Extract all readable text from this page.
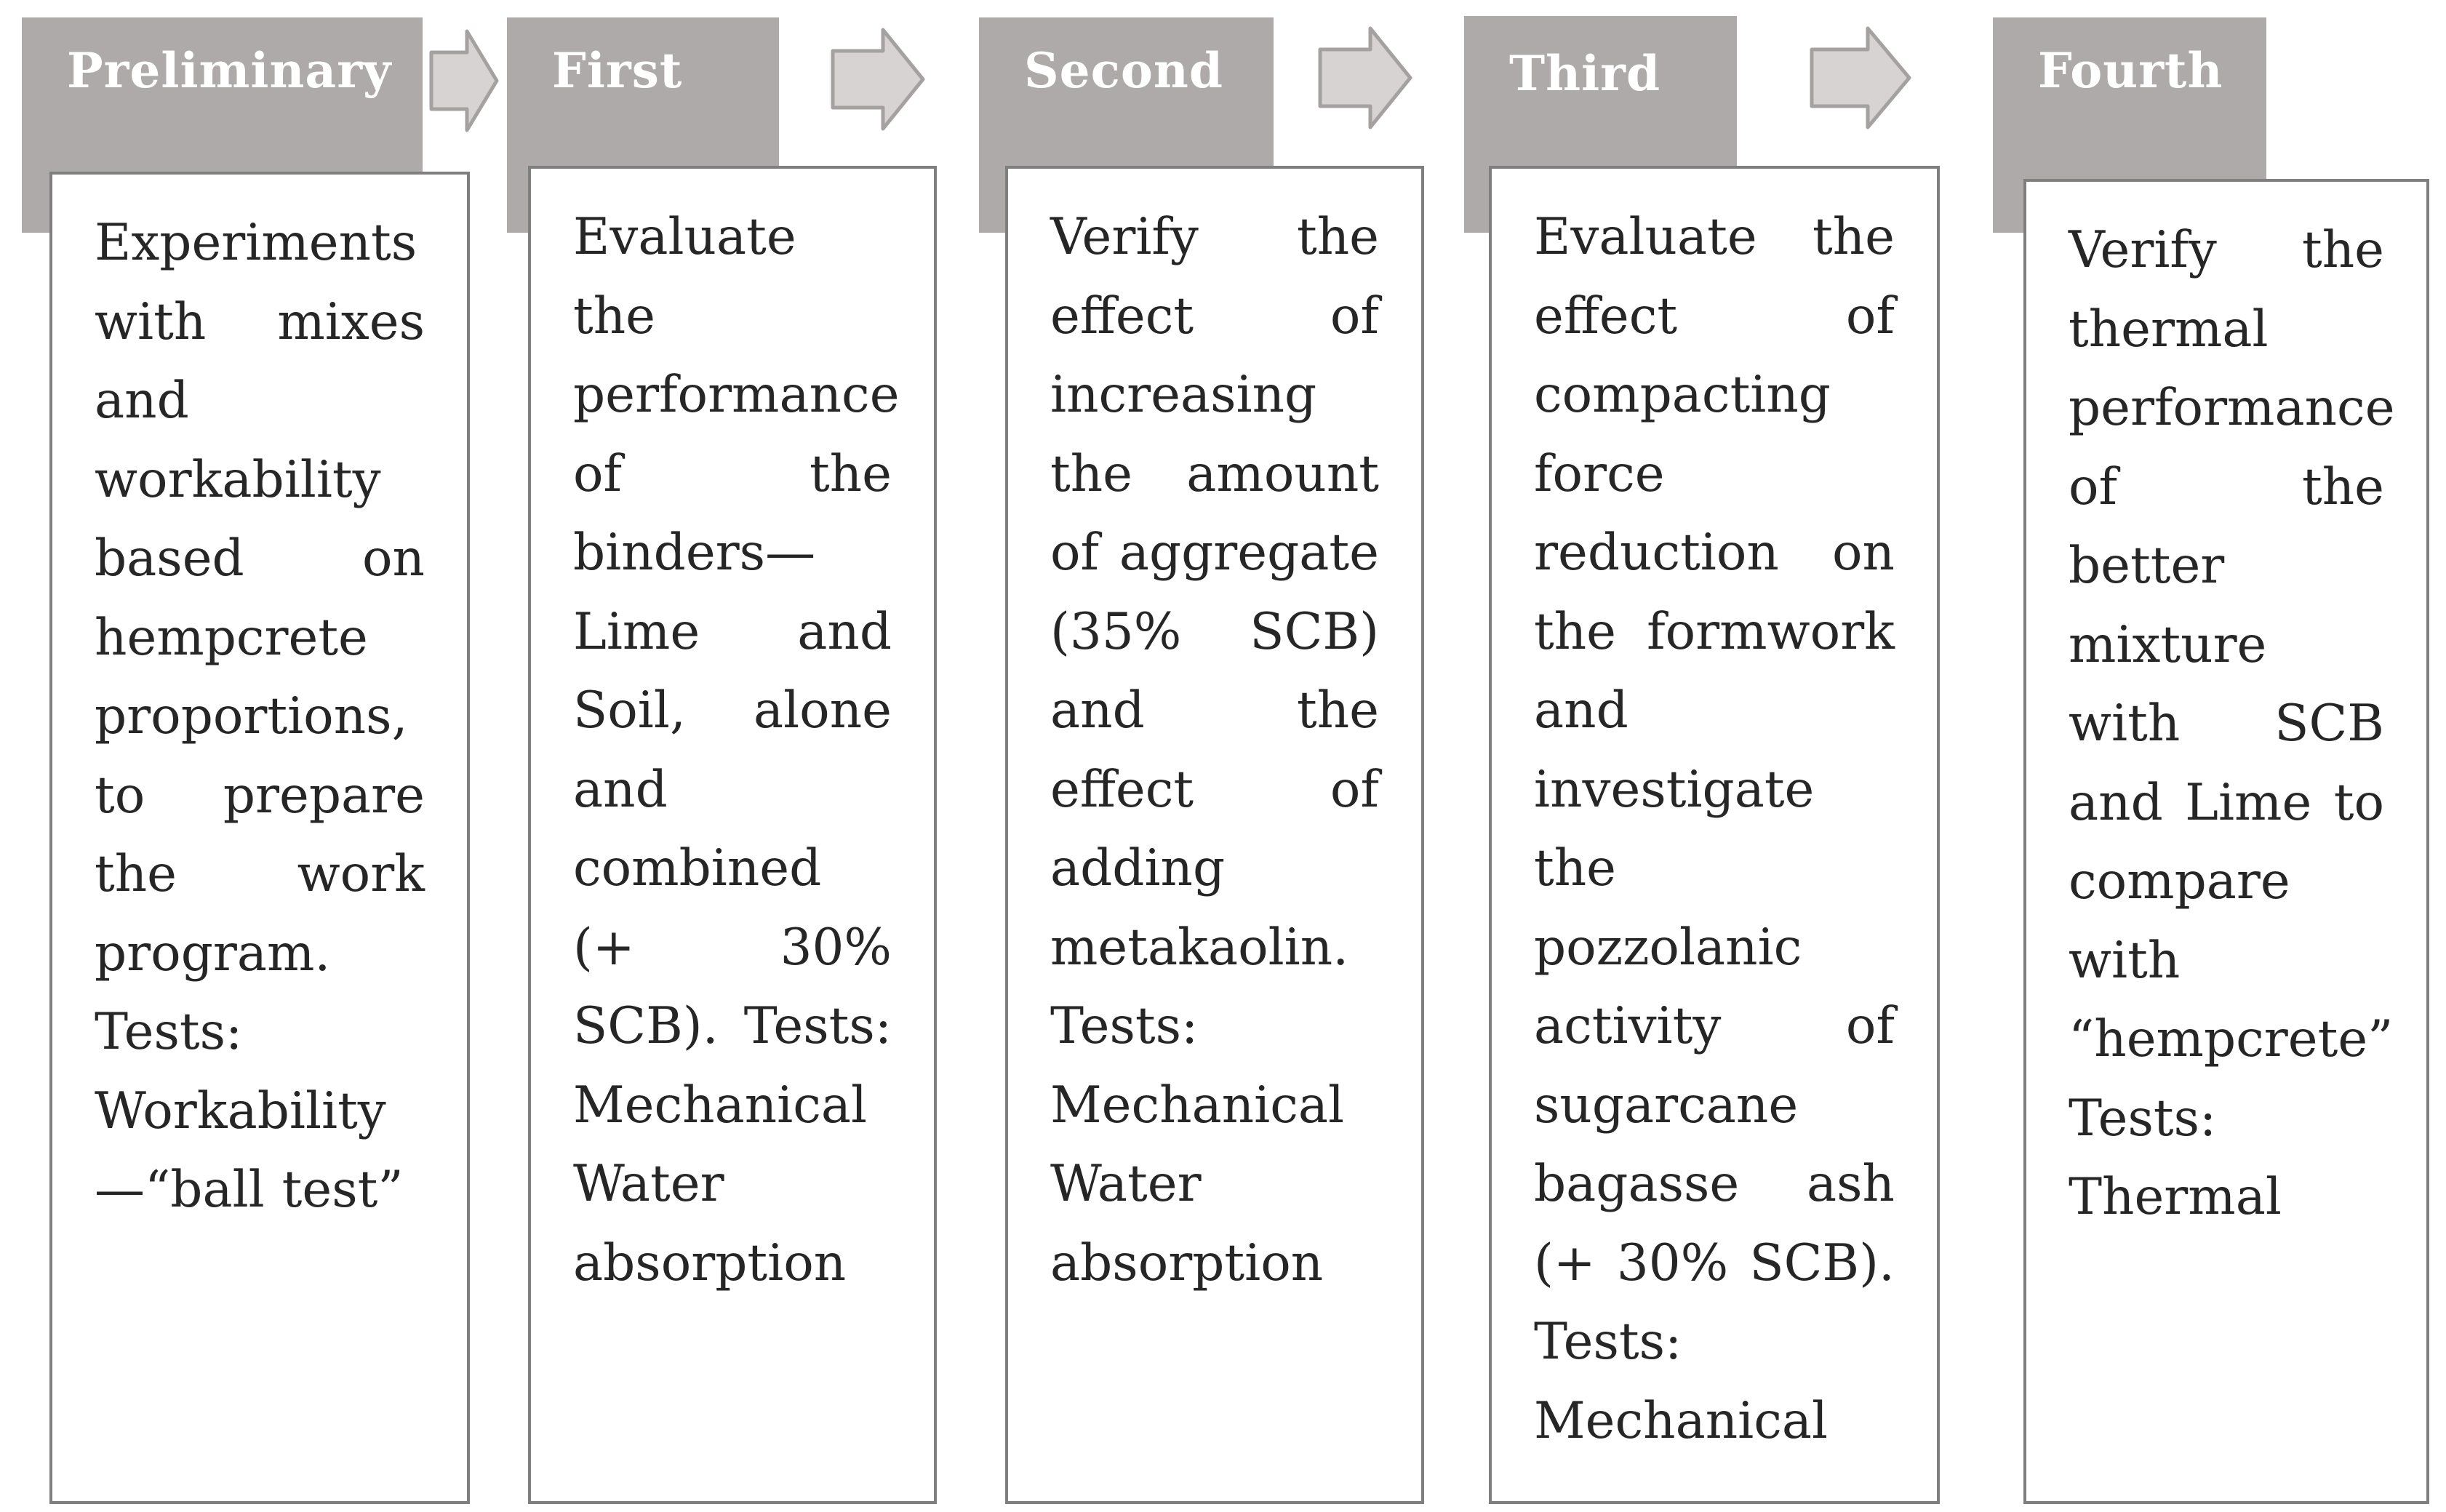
Preliminary

Experiments with mixes and workability based on hempcrete proportions, to prepare the work program. Tests: Workability —“ball test”

First

Evaluate the performance of the binders— Lime and Soil, alone and combined (+ 30% SCB). Tests: Mechanical Water absorption

Second

Verify the effect of increasing the amount of aggregate (35% SCB) and the effect of adding metakaolin. Tests: Mechanical Water absorption

Third

Evaluate the effect of compacting force reduction on the formwork and investigate the pozzolanic activity of sugarcane bagasse ash (+ 30% SCB). Tests: Mechanical

Fourth

Verify the thermal performance of the better mixture with SCB and Lime to compare with “hempcrete” Tests: Thermal
